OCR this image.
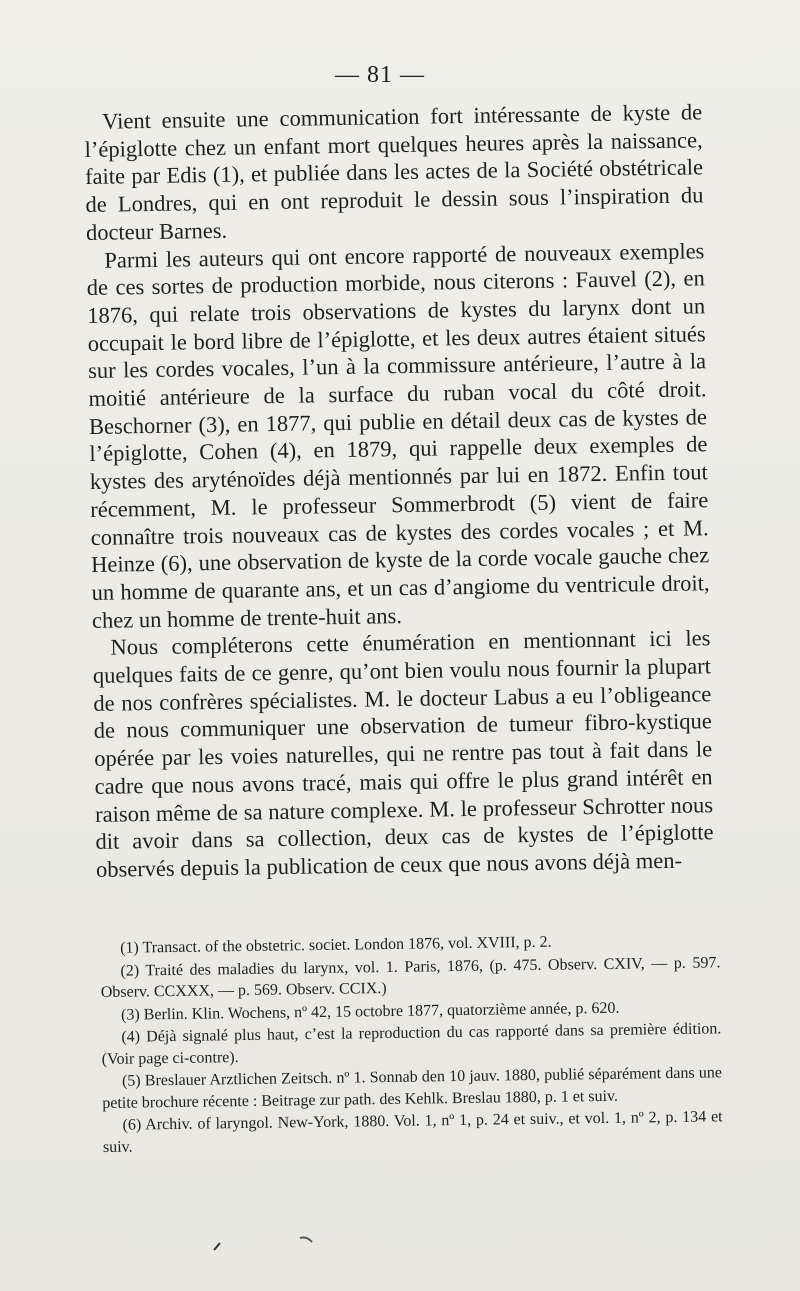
— 81 —

Vient ensuite une communication fort intéressante de kyste de l’épiglotte chez un enfant mort quelques heures après la naissance, faite par Edis (1), et publiée dans les actes de la Société obstétricale de Londres, qui en ont reproduit le dessin sous l’inspiration du docteur Barnes.

Parmi les auteurs qui ont encore rapporté de nouveaux exemples de ces sortes de production morbide, nous citerons : Fauvel (2), en 1876, qui relate trois observations de kystes du larynx dont un occupait le bord libre de l’épiglotte, et les deux autres étaient situés sur les cordes vocales, l’un à la commissure antérieure, l’autre à la moitié antérieure de la surface du ruban vocal du côté droit. Beschorner (3), en 1877, qui publie en détail deux cas de kystes de l’épiglotte, Cohen (4), en 1879, qui rappelle deux exemples de kystes des aryténoïdes déjà mentionnés par lui en 1872. Enfin tout récemment, M. le professeur Sommerbrodt (5) vient de faire connaître trois nouveaux cas de kystes des cordes vocales ; et M. Heinze (6), une observation de kyste de la corde vocale gauche chez un homme de quarante ans, et un cas d’angiome du ventricule droit, chez un homme de trente-huit ans.

Nous compléterons cette énumération en mentionnant ici les quelques faits de ce genre, qu’ont bien voulu nous fournir la plupart de nos confrères spécialistes. M. le docteur Labus a eu l’obligeance de nous communiquer une observation de tumeur fibro-kystique opérée par les voies naturelles, qui ne rentre pas tout à fait dans le cadre que nous avons tracé, mais qui offre le plus grand intérêt en raison même de sa nature complexe. M. le professeur Schrotter nous dit avoir dans sa collection, deux cas de kystes de l’épiglotte observés depuis la publication de ceux que nous avons déjà men-

(1) Transact. of the obstetric. societ. London 1876, vol. XVIII, p. 2.

(2) Traité des maladies du larynx, vol. 1. Paris, 1876, (p. 475. Observ. CXIV, — p. 597. Observ. CCXXX, — p. 569. Observ. CCIX.)

(3) Berlin. Klin. Wochens, nº 42, 15 octobre 1877, quatorzième année, p. 620.

(4) Déjà signalé plus haut, c’est la reproduction du cas rapporté dans sa première édition. (Voir page ci-contre).

(5) Breslauer Arztlichen Zeitsch. nº 1. Sonnab den 10 jauv. 1880, publié séparément dans une petite brochure récente : Beitrage zur path. des Kehlk. Breslau 1880, p. 1 et suiv.

(6) Archiv. of laryngol. New-York, 1880. Vol. 1, nº 1, p. 24 et suiv., et vol. 1, nº 2, p. 134 et suiv.
